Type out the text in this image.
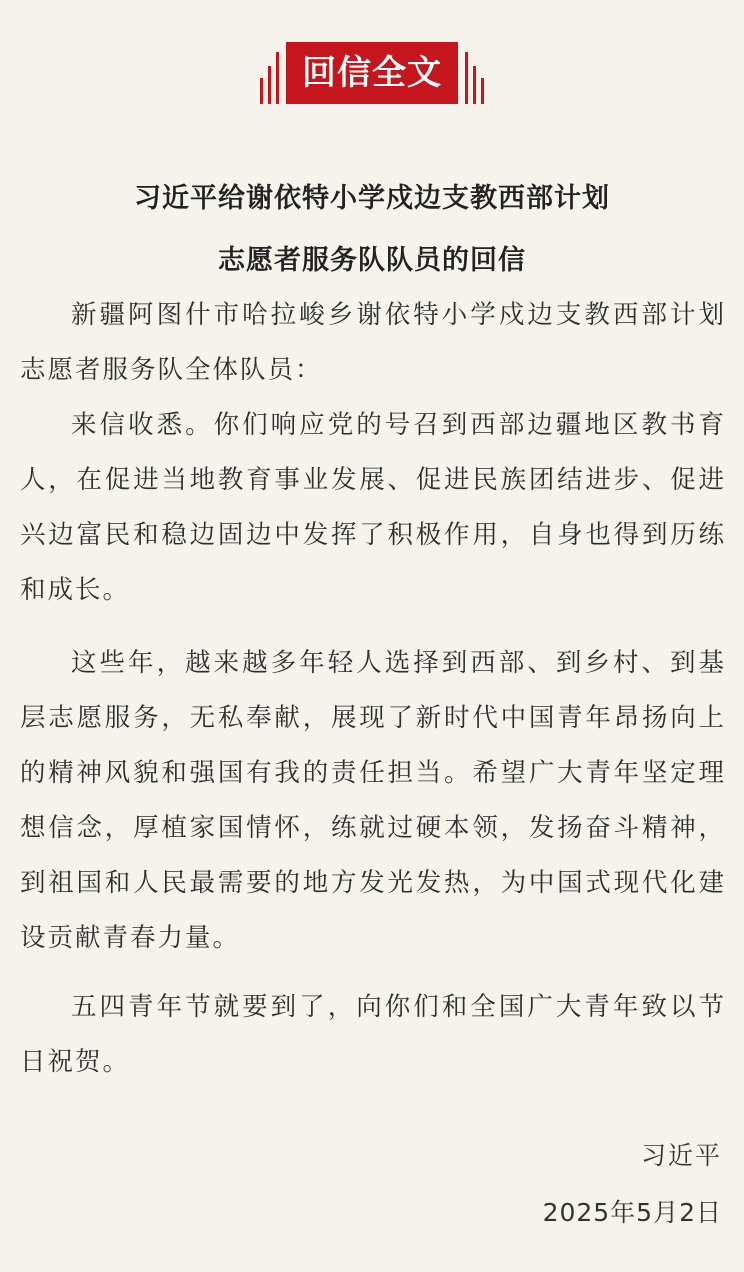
回信全文
习近平给谢依特小学戍边支教西部计划
志愿者服务队队员的回信

新疆阿图什市哈拉峻乡谢依特小学戍边支教西部计划志愿者服务队全体队员：

来信收悉。你们响应党的号召到西部边疆地区教书育人，在促进当地教育事业发展、促进民族团结进步、促进兴边富民和稳边固边中发挥了积极作用，自身也得到历练和成长。

这些年，越来越多年轻人选择到西部、到乡村、到基层志愿服务，无私奉献，展现了新时代中国青年昂扬向上的精神风貌和强国有我的责任担当。希望广大青年坚定理想信念，厚植家国情怀，练就过硬本领，发扬奋斗精神，到祖国和人民最需要的地方发光发热，为中国式现代化建设贡献青春力量。

五四青年节就要到了，向你们和全国广大青年致以节日祝贺。

习近平
2025年5月2日
